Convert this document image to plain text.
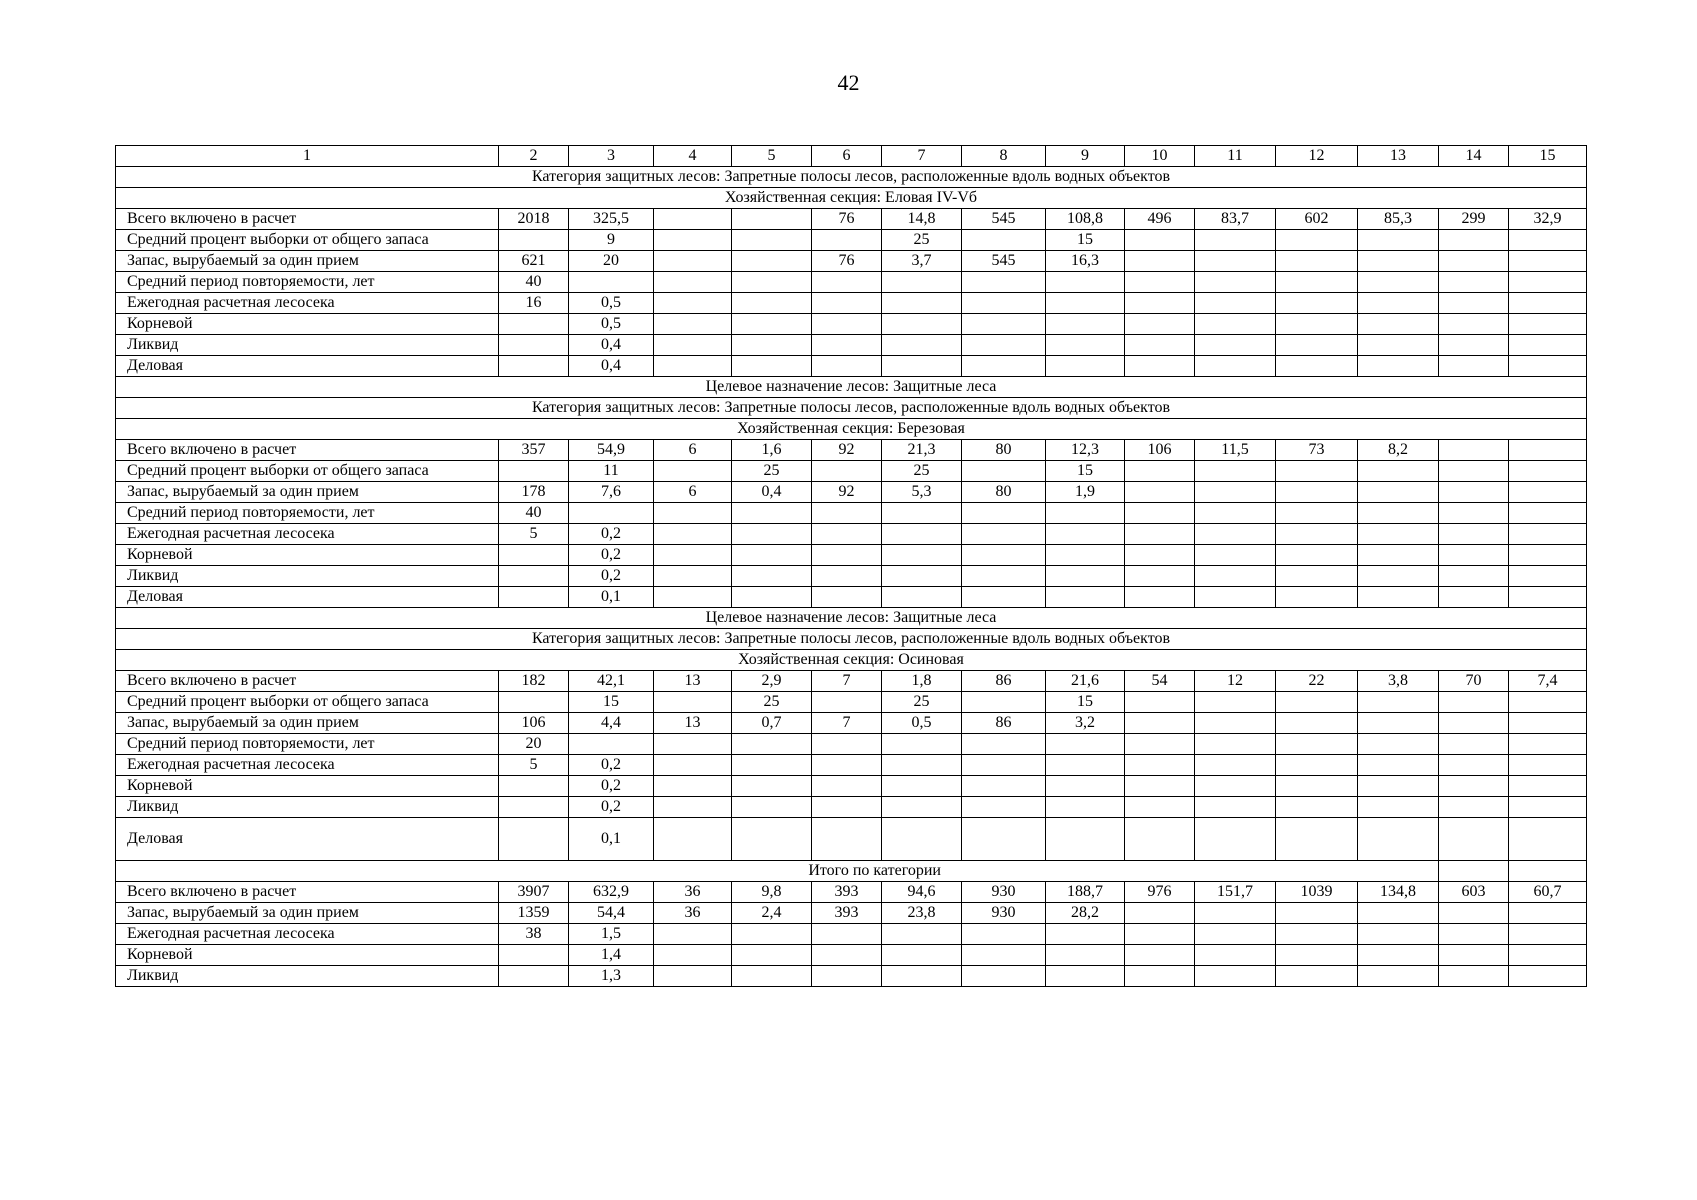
42
1	2	3	4	5	6	7	8	9	10	11	12	13	14	15
Категория защитных лесов: Запретные полосы лесов, расположенные вдоль водных объектов														
Хозяйственная секция: Еловая IV-Vб														
Всего включено в расчет	2018	325,5			76	14,8	545	108,8	496	83,7	602	85,3	299	32,9
Средний процент выборки от общего запаса		9				25		15						
Запас, вырубаемый за один прием	621	20			76	3,7	545	16,3						
Средний период повторяемости, лет	40													
Ежегодная расчетная лесосека	16	0,5												
Корневой		0,5												
Ликвид		0,4												
Деловая		0,4												
Целевое назначение лесов: Защитные леса														
Категория защитных лесов: Запретные полосы лесов, расположенные вдоль водных объектов														
Хозяйственная секция: Березовая														
Всего включено в расчет	357	54,9	6	1,6	92	21,3	80	12,3	106	11,5	73	8,2		
Средний процент выборки от общего запаса		11		25		25		15						
Запас, вырубаемый за один прием	178	7,6	6	0,4	92	5,3	80	1,9						
Средний период повторяемости, лет	40													
Ежегодная расчетная лесосека	5	0,2												
Корневой		0,2												
Ликвид		0,2												
Деловая		0,1												
Целевое назначение лесов: Защитные леса														
Категория защитных лесов: Запретные полосы лесов, расположенные вдоль водных объектов														
Хозяйственная секция: Осиновая														
Всего включено в расчет	182	42,1	13	2,9	7	1,8	86	21,6	54	12	22	3,8	70	7,4
Средний процент выборки от общего запаса		15		25		25		15						
Запас, вырубаемый за один прием	106	4,4	13	0,7	7	0,5	86	3,2						
Средний период повторяемости, лет	20													
Ежегодная расчетная лесосека	5	0,2												
Корневой		0,2												
Ликвид		0,2												
Деловая		0,1												
Итого по категории														
Всего включено в расчет	3907	632,9	36	9,8	393	94,6	930	188,7	976	151,7	1039	134,8	603	60,7
Запас, вырубаемый за один прием	1359	54,4	36	2,4	393	23,8	930	28,2						
Ежегодная расчетная лесосека	38	1,5												
Корневой		1,4												
Ликвид		1,3												
